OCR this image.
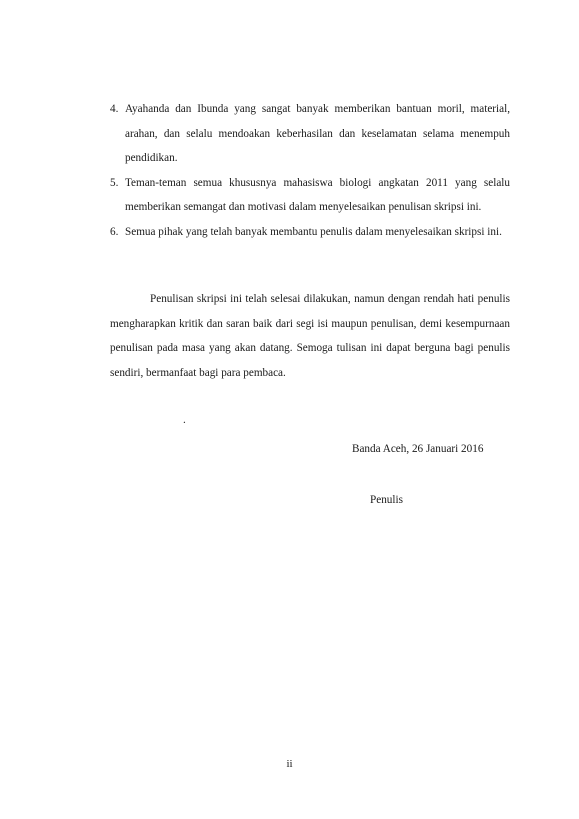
4. Ayahanda dan Ibunda yang sangat banyak memberikan bantuan moril, material, arahan, dan selalu mendoakan keberhasilan dan keselamatan selama menempuh pendidikan.
5. Teman-teman semua khususnya mahasiswa biologi angkatan 2011 yang selalu memberikan semangat dan motivasi dalam menyelesaikan penulisan skripsi ini.
6. Semua pihak yang telah banyak membantu penulis dalam menyelesaikan skripsi ini.

Penulisan skripsi ini telah selesai dilakukan, namun dengan rendah hati penulis mengharapkan kritik dan saran baik dari segi isi maupun penulisan, demi kesempurnaan penulisan pada masa yang akan datang. Semoga tulisan ini dapat berguna bagi penulis sendiri, bermanfaat bagi para pembaca.

.
Banda Aceh, 26 Januari 2016
Penulis
ii
